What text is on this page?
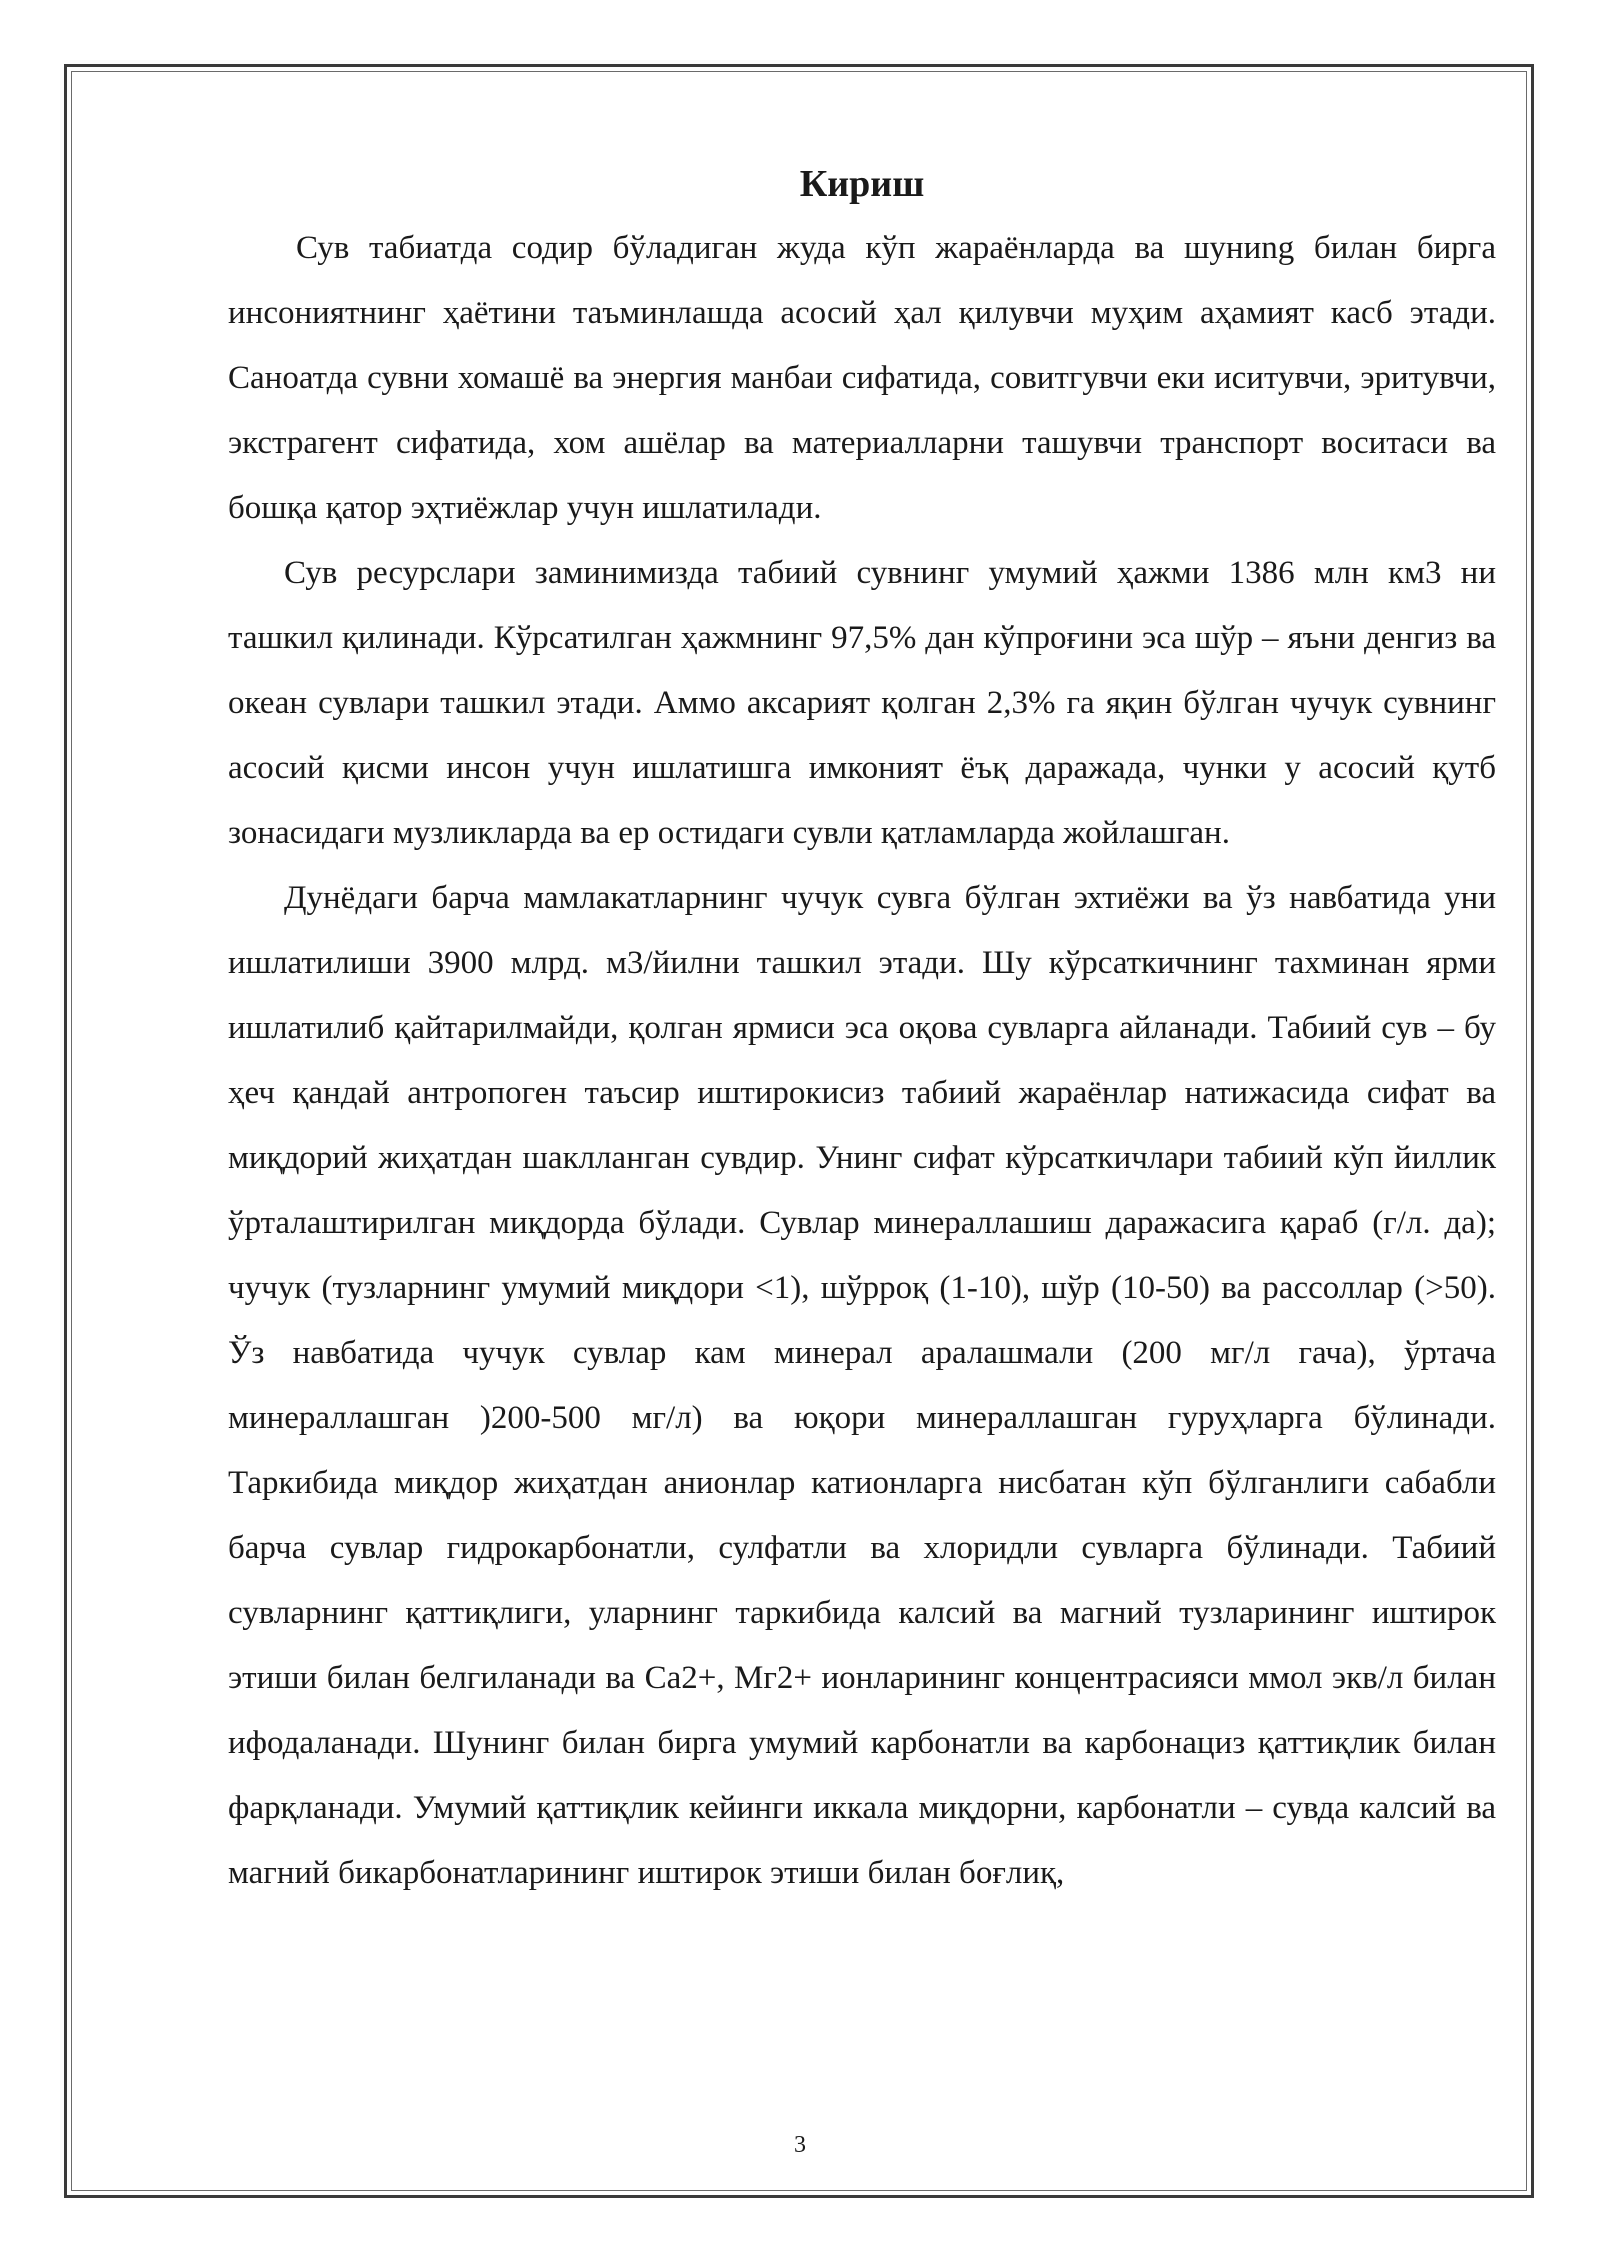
Кириш

Сув табиатда содир бўладиган жуда кўп жараёнларда ва шуниng билан бирга инсониятнинг ҳаётини таъминлашда асосий ҳал қилувчи муҳим аҳамият касб этади. Саноатда сувни хомашё ва энергия манбаи сифатида, совитгувчи еки иситувчи, эритувчи, экстрагент сифатида, хом ашёлар ва материалларни ташувчи транспорт воситаси ва бошқа қатор эҳтиёжлар учун ишлатилади.

Сув ресурслари заминимизда табиий сувнинг умумий ҳажми 1386 млн км3 ни ташкил қилинади. Кўрсатилган ҳажмнинг 97,5% дан кўпроғини эса шўр – яъни денгиз ва океан сувлари ташкил этади. Аммо аксарият қолган 2,3% га яқин бўлган чучук сувнинг асосий қисми инсон учун ишлатишга имконият ёъқ даражада, чунки у асосий қутб зонасидаги музликларда ва ер остидаги сувли қатламларда жойлашган.

Дунёдаги барча мамлакатларнинг чучук сувга бўлган эхтиёжи ва ўз навбатида уни ишлатилиши 3900 млрд. м3/йилни ташкил этади. Шу кўрсаткичнинг тахминан ярми ишлатилиб қайтарилмайди, қолган ярмиси эса оқова сувларга айланади. Табиий сув – бу ҳеч қандай антропоген таъсир иштирокисиз табиий жараёнлар натижасида сифат ва миқдорий жиҳатдан шаклланган сувдир. Унинг сифат кўрсаткичлари табиий кўп йиллик ўрталаштирилган миқдорда бўлади. Сувлар минераллашиш даражасига қараб (г/л. да); чучук (тузларнинг умумий миқдори <1), шўррoқ (1-10), шўр (10-50) ва рассоллар (>50). Ўз навбатида чучук сувлар кам минерал аралашмали (200 мг/л гача), ўртача минераллашган )200-500 мг/л) ва юқори минераллашган гуруҳларга бўлинади. Таркибида миқдор жиҳатдан анионлар катионларга нисбатан кўп бўлганлиги сабабли барча сувлар гидрокарбонатли, сулфатли ва хлоридли сувларга бўлинади. Табиий сувларнинг қаттиқлиги, уларнинг таркибида калсий ва магний тузларининг иштирок этиши билан белгиланади ва Са2+, Мг2+ ионларининг концентрасияси ммол экв/л билан ифодаланади. Шунинг билан бирга умумий карбонатли ва карбонациз қаттиқлик билан фарқланади. Умумий қаттиқлик кейинги иккала миқдорни, карбонатли – сувда калсий ва магний бикарбонатларининг иштирок этиши билан боғлиқ,

3
